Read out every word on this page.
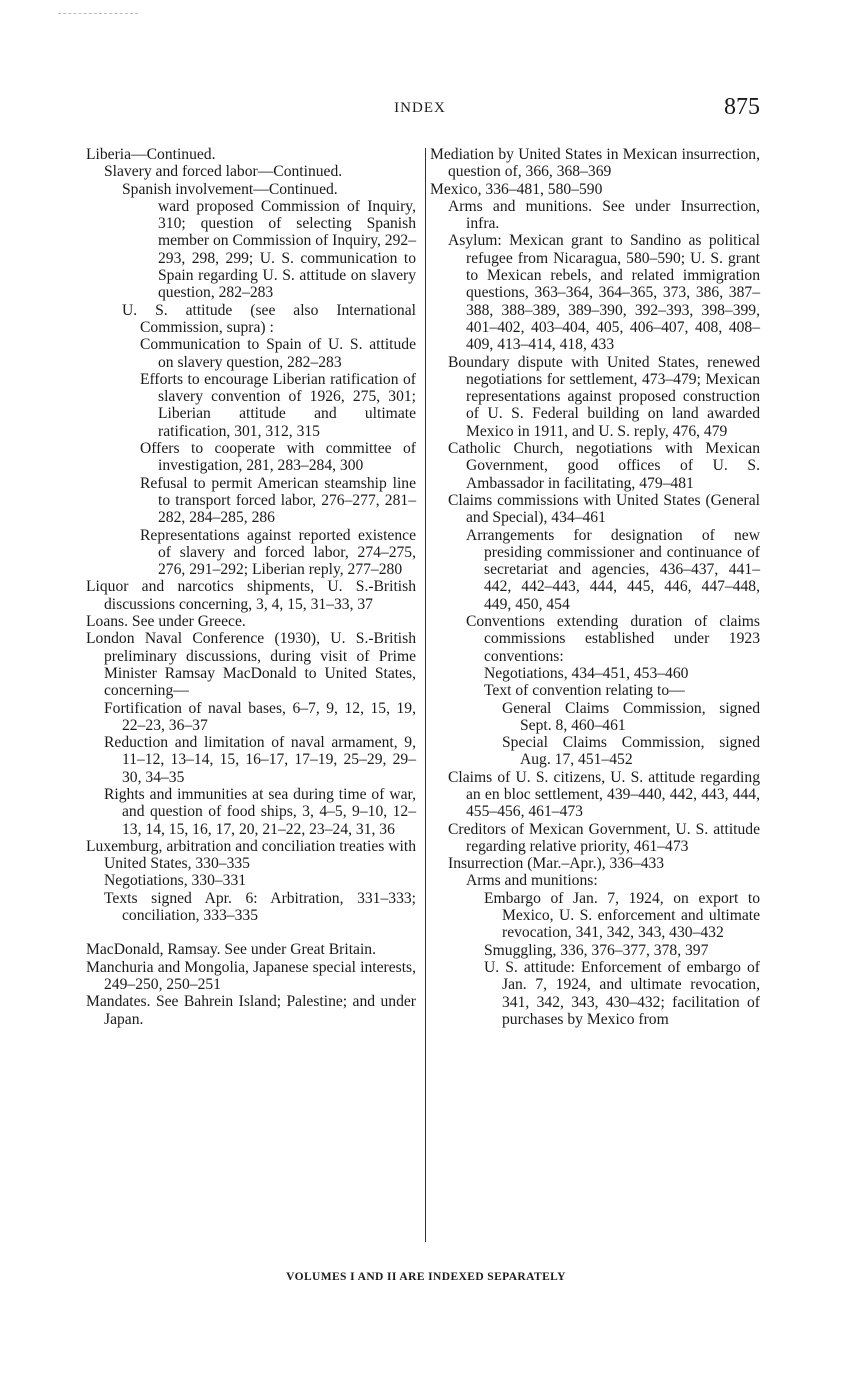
INDEX	875
Liberia—Continued.
Slavery and forced labor—Continued.
Spanish involvement—Continued.
ward proposed Commission of Inquiry, 310; question of selecting Spanish member on Commission of Inquiry, 292–293, 298, 299; U. S. communication to Spain regarding U. S. attitude on slavery question, 282–283
U. S. attitude (see also International Commission, supra) :
Communication to Spain of U. S. attitude on slavery question, 282–283
Efforts to encourage Liberian ratification of slavery convention of 1926, 275, 301; Liberian attitude and ultimate ratification, 301, 312, 315
Offers to cooperate with committee of investigation, 281, 283–284, 300
Refusal to permit American steamship line to transport forced labor, 276–277, 281–282, 284–285, 286
Representations against reported existence of slavery and forced labor, 274–275, 276, 291–292; Liberian reply, 277–280
Liquor and narcotics shipments, U. S.-British discussions concerning, 3, 4, 15, 31–33, 37
Loans. See under Greece.
London Naval Conference (1930), U. S.-British preliminary discussions, during visit of Prime Minister Ramsay MacDonald to United States, concerning—
Fortification of naval bases, 6–7, 9, 12, 15, 19, 22–23, 36–37
Reduction and limitation of naval armament, 9, 11–12, 13–14, 15, 16–17, 17–19, 25–29, 29–30, 34–35
Rights and immunities at sea during time of war, and question of food ships, 3, 4–5, 9–10, 12–13, 14, 15, 16, 17, 20, 21–22, 23–24, 31, 36
Luxemburg, arbitration and conciliation treaties with United States, 330–335
Negotiations, 330–331
Texts signed Apr. 6: Arbitration, 331–333; conciliation, 333–335
MacDonald, Ramsay. See under Great Britain.
Manchuria and Mongolia, Japanese special interests, 249–250, 250–251
Mandates. See Bahrein Island; Palestine; and under Japan.
Mediation by United States in Mexican insurrection, question of, 366, 368–369
Mexico, 336–481, 580–590
Arms and munitions. See under Insurrection, infra.
Asylum: Mexican grant to Sandino as political refugee from Nicaragua, 580–590; U. S. grant to Mexican rebels, and related immigration questions, 363–364, 364–365, 373, 386, 387–388, 388–389, 389–390, 392–393, 398–399, 401–402, 403–404, 405, 406–407, 408, 408–409, 413–414, 418, 433
Boundary dispute with United States, renewed negotiations for settlement, 473–479; Mexican representations against proposed construction of U. S. Federal building on land awarded Mexico in 1911, and U. S. reply, 476, 479
Catholic Church, negotiations with Mexican Government, good offices of U. S. Ambassador in facilitating, 479–481
Claims commissions with United States (General and Special), 434–461
Arrangements for designation of new presiding commissioner and continuance of secretariat and agencies, 436–437, 441–442, 442–443, 444, 445, 446, 447–448, 449, 450, 454
Conventions extending duration of claims commissions established under 1923 conventions:
Negotiations, 434–451, 453–460
Text of convention relating to—
General Claims Commission, signed Sept. 8, 460–461
Special Claims Commission, signed Aug. 17, 451–452
Claims of U. S. citizens, U. S. attitude regarding an en bloc settlement, 439–440, 442, 443, 444, 455–456, 461–473
Creditors of Mexican Government, U. S. attitude regarding relative priority, 461–473
Insurrection (Mar.–Apr.), 336–433
Arms and munitions:
Embargo of Jan. 7, 1924, on export to Mexico, U. S. enforcement and ultimate revocation, 341, 342, 343, 430–432
Smuggling, 336, 376–377, 378, 397
U. S. attitude: Enforcement of embargo of Jan. 7, 1924, and ultimate revocation, 341, 342, 343, 430–432; facilitation of purchases by Mexico from
VOLUMES I AND II ARE INDEXED SEPARATELY
